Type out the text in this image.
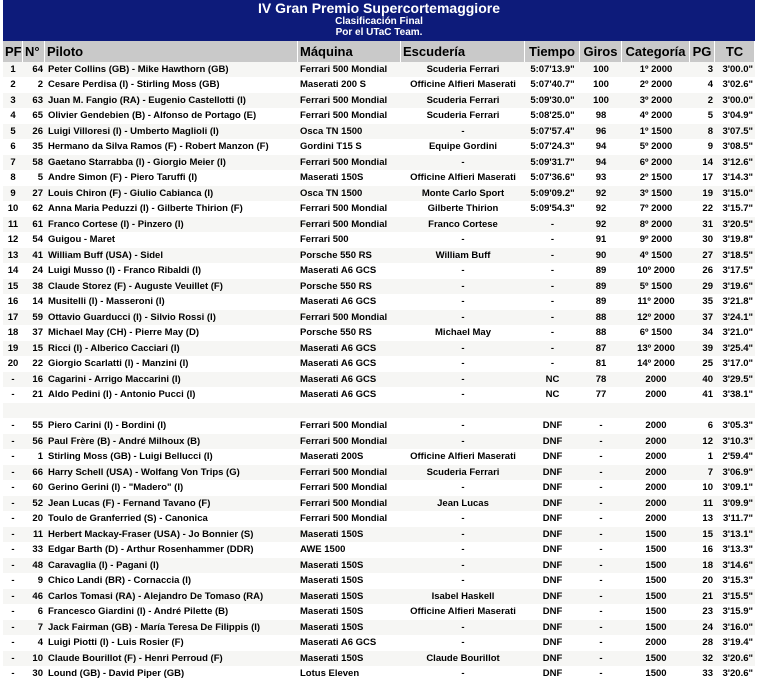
IV Gran Premio Supercortemaggiore
Clasificación Final
Por el UTaC Team.
PF	N°	Piloto	Máquina	Escudería	Tiempo	Giros	Categoría	PG	TC
1	64	Peter Collins (GB) - Mike Hawthorn (GB)	Ferrari 500 Mondial	Scuderia Ferrari	5:07'13.9"	100	1º 2000	3	3'00.0"
2	2	Cesare Perdisa (I) - Stirling Moss (GB)	Maserati 200 S	Officine Alfieri Maserati	5:07'40.7"	100	2º 2000	4	3'02.6"
3	63	Juan M. Fangio (RA) - Eugenio Castellotti (I)	Ferrari 500 Mondial	Scuderia Ferrari	5:09'30.0"	100	3º 2000	2	3'00.0"
4	65	Olivier Gendebien (B) - Alfonso de Portago (E)	Ferrari 500 Mondial	Scuderia Ferrari	5:08'25.0"	98	4º 2000	5	3'04.9"
5	26	Luigi Villoresi (I) - Umberto Maglioli (I)	Osca TN 1500	-	5:07'57.4"	96	1º 1500	8	3'07.5"
6	35	Hermano da Silva Ramos (F) - Robert Manzon (F)	Gordini T15 S	Equipe Gordini	5:07'24.3"	94	5º 2000	9	3'08.5"
7	58	Gaetano Starrabba (I) - Giorgio Meier (I)	Ferrari 500 Mondial	-	5:09'31.7"	94	6º 2000	14	3'12.6"
8	5	Andre Simon (F) - Piero Taruffi (I)	Maserati 150S	Officine Alfieri Maserati	5:07'36.6"	93	2º 1500	17	3'14.3"
9	27	Louis Chiron (F) - Giulio Cabianca (I)	Osca TN 1500	Monte Carlo Sport	5:09'09.2"	92	3º 1500	19	3'15.0"
10	62	Anna Maria Peduzzi (I) - Gilberte Thirion (F)	Ferrari 500 Mondial	Gilberte Thirion	5:09'54.3"	92	7º 2000	22	3'15.7"
11	61	Franco Cortese (I) - Pinzero (I)	Ferrari 500 Mondial	Franco Cortese	-	92	8º 2000	31	3'20.5"
12	54	Guigou - Maret	Ferrari 500	-	-	91	9º 2000	30	3'19.8"
13	41	William Buff (USA) - Sidel	Porsche 550 RS	William Buff	-	90	4º 1500	27	3'18.5"
14	24	Luigi Musso (I) - Franco Ribaldi (I)	Maserati A6 GCS	-	-	89	10º 2000	26	3'17.5"
15	38	Claude Storez (F) - Auguste Veuillet (F)	Porsche 550 RS	-	-	89	5º 1500	29	3'19.6"
16	14	Musitelli (I) - Masseroni (I)	Maserati A6 GCS	-	-	89	11º 2000	35	3'21.8"
17	59	Ottavio Guarducci (I) - Silvio Rossi (I)	Ferrari 500 Mondial	-	-	88	12º 2000	37	3'24.1"
18	37	Michael May (CH) - Pierre May (D)	Porsche 550 RS	Michael May	-	88	6º 1500	34	3'21.0"
19	15	Ricci (I) - Alberico Cacciari (I)	Maserati A6 GCS	-	-	87	13º 2000	39	3'25.4"
20	22	Giorgio Scarlatti (I) - Manzini (I)	Maserati A6 GCS	-	-	81	14º 2000	25	3'17.0"
-	16	Cagarini - Arrigo Maccarini (I)	Maserati A6 GCS	-	NC	78	2000	40	3'29.5"
-	21	Aldo Pedini (I) - Antonio Pucci (I)	Maserati A6 GCS	-	NC	77	2000	41	3'38.1"

-	55	Piero Carini (I) - Bordini (I)	Ferrari 500 Mondial	-	DNF	-	2000	6	3'05.3"
-	56	Paul Frère (B) - André Milhoux (B)	Ferrari 500 Mondial	-	DNF	-	2000	12	3'10.3"
-	1	Stirling Moss (GB) - Luigi Bellucci (I)	Maserati 200S	Officine Alfieri Maserati	DNF	-	2000	1	2'59.4"
-	66	Harry Schell (USA) - Wolfang Von Trips (G)	Ferrari 500 Mondial	Scuderia Ferrari	DNF	-	2000	7	3'06.9"
-	60	Gerino Gerini (I) - "Madero" (I)	Ferrari 500 Mondial	-	DNF	-	2000	10	3'09.1"
-	52	Jean Lucas (F) - Fernand Tavano (F)	Ferrari 500 Mondial	Jean Lucas	DNF	-	2000	11	3'09.9"
-	20	Toulo de Granferried (S) - Canonica	Ferrari 500 Mondial	-	DNF	-	2000	13	3'11.7"
-	11	Herbert Mackay-Fraser (USA) - Jo Bonnier (S)	Maserati 150S	-	DNF	-	1500	15	3'13.1"
-	33	Edgar Barth (D) - Arthur Rosenhammer (DDR)	AWE 1500	-	DNF	-	1500	16	3'13.3"
-	48	Caravaglia (I) - Pagani (I)	Maserati 150S	-	DNF	-	1500	18	3'14.6"
-	9	Chico Landi (BR) - Cornaccia (I)	Maserati 150S	-	DNF	-	1500	20	3'15.3"
-	46	Carlos Tomasi (RA) - Alejandro De Tomaso (RA)	Maserati 150S	Isabel Haskell	DNF	-	1500	21	3'15.5"
-	6	Francesco Giardini (I) - André Pilette (B)	Maserati 150S	Officine Alfieri Maserati	DNF	-	1500	23	3'15.9"
-	7	Jack Fairman (GB) - María Teresa De Filippis (I)	Maserati 150S	-	DNF	-	1500	24	3'16.0"
-	4	Luigi Piotti (I) - Luis Rosier (F)	Maserati A6 GCS	-	DNF	-	2000	28	3'19.4"
-	10	Claude Bourillot (F) - Henri Perroud (F)	Maserati 150S	Claude Bourillot	DNF	-	1500	32	3'20.6"
-	30	Lound (GB) - David Piper (GB)	Lotus Eleven	-	DNF	-	1500	33	3'20.6"
